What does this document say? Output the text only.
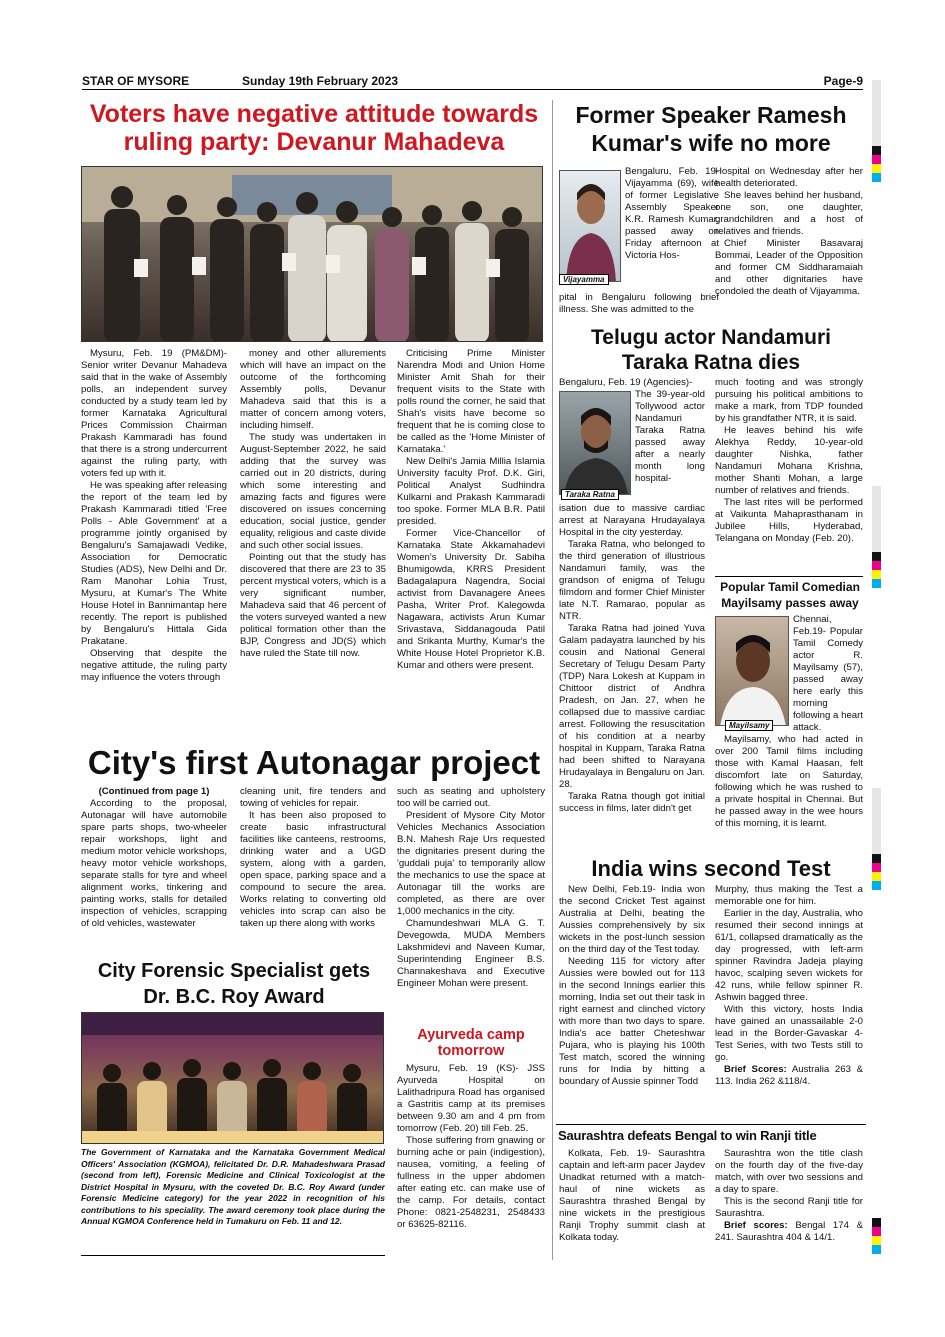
STAR OF MYSORE	Sunday 19th February 2023	Page-9
Voters have negative attitude towards
ruling party: Devanur Mahadeva

Mysuru, Feb. 19 (PM&DM)- Senior writer Devanur Mahadeva said that in the wake of Assembly polls, an independent survey conducted by a study team led by former Karnataka Agricultural Prices Commission Chairman Prakash Kammaradi has found that there is a strong undercurrent against the ruling party, with voters fed up with it.

He was speaking after releasing the report of the team led by Prakash Kammaradi titled 'Free Polls - Able Government' at a programme jointly organised by Bengaluru's Samajawadi Vedike, Association for Democratic Studies (ADS), New Delhi and Dr. Ram Manohar Lohia Trust, Mysuru, at Kumar's The White House Hotel in Bannimantap here recently. The report is published by Bengaluru's Hittala Gida Prakatane.

Observing that despite the negative attitude, the ruling party may influence the voters through

money and other allurements which will have an impact on the outcome of the forthcoming Assembly polls, Devanur Mahadeva said that this is a matter of concern among voters, including himself.

The study was undertaken in August-September 2022, he said adding that the survey was carried out in 20 districts, during which some interesting and amazing facts and figures were discovered on issues concerning education, social justice, gender equality, religious and caste divide and such other social issues.

Pointing out that the study has discovered that there are 23 to 35 percent mystical voters, which is a very significant number, Mahadeva said that 46 percent of the voters surveyed wanted a new political formation other than the BJP, Congress and JD(S) which have ruled the State till now.

Criticising Prime Minister Narendra Modi and Union Home Minister Amit Shah for their frequent visits to the State with polls round the corner, he said that Shah's visits have become so frequent that he is coming close to be called as the 'Home Minister of Karnataka.'

New Delhi's Jamia Millia Islamia University faculty Prof. D.K. Giri, Political Analyst Sudhindra Kulkarni and Prakash Kammaradi too spoke. Former MLA B.R. Patil presided.

Former Vice-Chancellor of Karnataka State Akkamahadevi Women's University Dr. Sabiha Bhumigowda, KRRS President Badagalapura Nagendra, Social activist from Davanagere Anees Pasha, Writer Prof. Kalegowda Nagawara, activists Arun Kumar Srivastava, Siddanagouda Patil and Srikanta Murthy, Kumar's the White House Hotel Proprietor K.B. Kumar and others were present.

City's first Autonagar project
(Continued from page 1)

According to the proposal, Autonagar will have automobile spare parts shops, two-wheeler repair workshops, light and medium motor vehicle workshops, heavy motor vehicle workshops, separate stalls for tyre and wheel alignment works, tinkering and painting works, stalls for detailed inspection of vehicles, scrapping of old vehicles, wastewater

cleaning unit, fire tenders and towing of vehicles for repair.

It has been also proposed to create basic infrastructural facilities like canteens, restrooms, drinking water and a UGD system, along with a garden, open space, parking space and a compound to secure the area. Works relating to converting old vehicles into scrap can also be taken up there along with works

such as seating and upholstery too will be carried out.

President of Mysore City Motor Vehicles Mechanics Association B.N. Mahesh Raje Urs requested the dignitaries present during the 'guddali puja' to temporarily allow the mechanics to use the space at Autonagar till the works are completed, as there are over 1,000 mechanics in the city.

Chamundeshwari MLA G. T. Devegowda, MUDA Members Lakshmidevi and Naveen Kumar, Superintending Engineer B.S. Channakeshava and Executive Engineer Mohan were present.

City Forensic Specialist gets
Dr. B.C. Roy Award
The Government of Karnataka and the Karnataka Government Medical Officers' Association (KGMOA), felicitated Dr. D.R. Mahadeshwara Prasad (second from left), Forensic Medicine and Clinical Toxicologist at the District Hospital in Mysuru, with the coveted Dr. B.C. Roy Award (under Forensic Medicine category) for the year 2022 in recognition of his contributions to his speciality. The award ceremony took place during the Annual KGMOA Conference held in Tumakuru on Feb. 11 and 12.
Ayurveda camp
tomorrow

Mysuru, Feb. 19 (KS)- JSS Ayurveda Hospital on Lalithadripura Road has organised a Gastritis camp at its premises between 9.30 am and 4 pm from tomorrow (Feb. 20) till Feb. 25.

Those suffering from gnawing or burning ache or pain (indigestion), nausea, vomiting, a feeling of fullness in the upper abdomen after eating etc. can make use of the camp. For details, contact Phone: 0821-2548231, 2548433 or 63625-82116.

Former Speaker Ramesh
Kumar's wife no more
Vijayamma
Bengaluru, Feb. 19- Vijayamma (69), wife of former Legislative Assembly Speaker K.R. Ramesh Kumar, passed away on Friday afternoon at Victoria Hos-
pital in Bengaluru following brief illness. She was admitted to the

Hospital on Wednesday after her health deteriorated.

She leaves behind her husband, one son, one daughter, grandchildren and a host of relatives and friends.

Chief Minister Basavaraj Bommai, Leader of the Opposition and former CM Siddharamaiah and other dignitaries have condoled the death of Vijayamma.

Telugu actor Nandamuri
Taraka Ratna dies
Bengaluru, Feb. 19 (Agencies)-
Taraka Ratna
The 39-year-old Tollywood actor Nandamuri Taraka Ratna passed away after a nearly month long hospital-

isation due to massive cardiac arrest at Narayana Hrudayalaya Hospital in the city yesterday.

Taraka Ratna, who belonged to the third generation of illustrious Nandamuri family, was the grandson of enigma of Telugu filmdom and former Chief Minister late N.T. Ramarao, popular as NTR.

Taraka Ratna had joined Yuva Galam padayatra launched by his cousin and National General Secretary of Telugu Desam Party (TDP) Nara Lokesh at Kuppam in Chittoor district of Andhra Pradesh, on Jan. 27, when he collapsed due to massive cardiac arrest. Following the resuscitation of his condition at a nearby hospital in Kuppam, Taraka Ratna had been shifted to Narayana Hrudayalaya in Bengaluru on Jan. 28.

Taraka Ratna though got initial success in films, later didn't get

much footing and was strongly pursuing his political ambitions to make a mark, from TDP founded by his grandfather NTR, it is said.

He leaves behind his wife Alekhya Reddy, 10-year-old daughter Nishka, father Nandamuri Mohana Krishna, mother Shanti Mohan, a large number of relatives and friends.

The last rites will be performed at Vaikunta Mahaprasthanam in Jubilee Hills, Hyderabad, Telangana on Monday (Feb. 20).

Popular Tamil Comedian
Mayilsamy passes away
Mayilsamy
Chennai, Feb.19- Popular Tamil Comedy actor R. Mayilsamy (57), passed away here early this morning following a heart attack.

Mayilsamy, who had acted in over 200 Tamil films including those with Kamal Haasan, felt discomfort late on Saturday, following which he was rushed to a private hospital in Chennai. But he passed away in the wee hours of this morning, it is learnt.

India wins second Test

New Delhi, Feb.19- India won the second Cricket Test against Australia at Delhi, beating the Aussies comprehensively by six wickets in the post-lunch session on the third day of the Test today.

Needing 115 for victory after Aussies were bowled out for 113 in the second Innings earlier this morning, India set out their task in right earnest and clinched victory with more than two days to spare. India's ace batter Cheteshwar Pujara, who is playing his 100th Test match, scored the winning runs for India by hitting a boundary of Aussie spinner Todd

Murphy, thus making the Test a memorable one for him.

Earlier in the day, Australia, who resumed their second innings at 61/1, collapsed dramatically as the day progressed, with left-arm spinner Ravindra Jadeja playing havoc, scalping seven wickets for 42 runs, while fellow spinner R. Ashwin bagged three.

With this victory, hosts India have gained an unassailable 2-0 lead in the Border-Gavaskar 4-Test Series, with two Tests still to go.

Brief Scores: Australia 263 & 113. India 262 &118/4.

Saurashtra defeats Bengal to win Ranji title

Kolkata, Feb. 19- Saurashtra captain and left-arm pacer Jaydev Unadkat returned with a match-haul of nine wickets as Saurashtra thrashed Bengal by nine wickets in the prestigious Ranji Trophy summit clash at Kolkata today.

Saurashtra won the title clash on the fourth day of the five-day match, with over two sessions and a day to spare.

This is the second Ranji title for Saurashtra.

Brief scores: Bengal 174 & 241. Saurashtra 404 & 14/1.
